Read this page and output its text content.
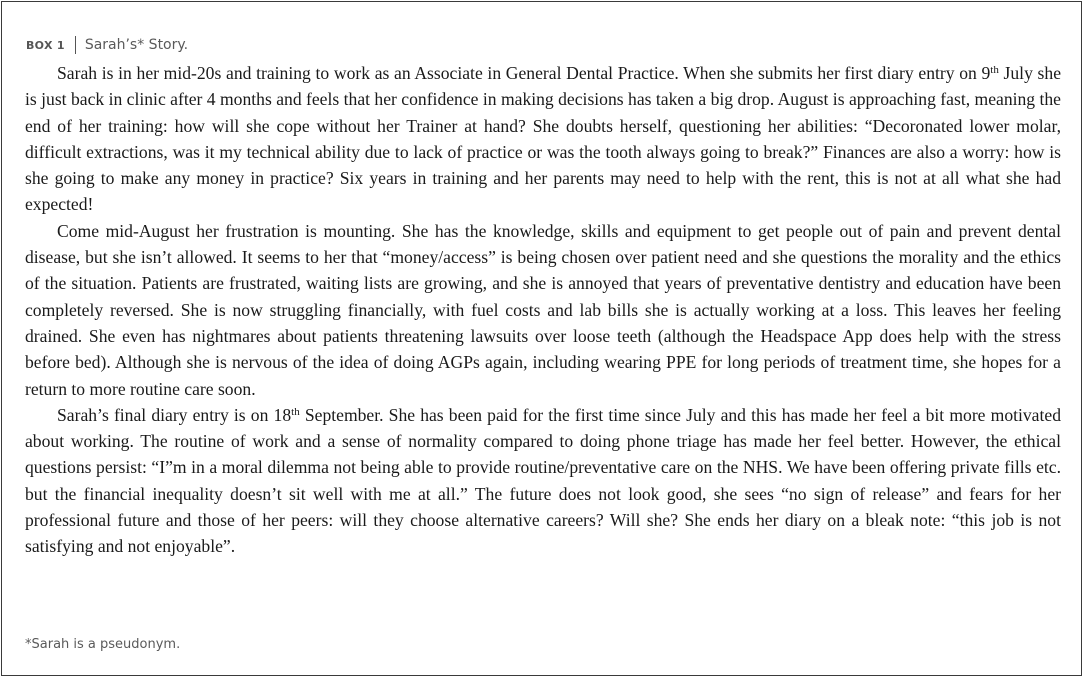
BOX 1 Sarah’s* Story.

Sarah is in her mid-20s and training to work as an Associate in General Dental Practice. When she submits her first diary entry on 9th July she is just back in clinic after 4 months and feels that her confidence in making decisions has taken a big drop. August is approaching fast, meaning the end of her training: how will she cope without her Trainer at hand? She doubts herself, questioning her abilities: “Decoronated lower molar, difficult extractions, was it my technical ability due to lack of practice or was the tooth always going to break?” Finances are also a worry: how is she going to make any money in practice? Six years in training and her parents may need to help with the rent, this is not at all what she had expected!

Come mid-August her frustration is mounting. She has the knowledge, skills and equipment to get people out of pain and prevent dental disease, but she isn’t allowed. It seems to her that “money/access” is being chosen over patient need and she questions the morality and the ethics of the situation. Patients are frustrated, waiting lists are growing, and she is annoyed that years of preventative dentistry and education have been completely reversed. She is now struggling financially, with fuel costs and lab bills she is actually working at a loss. This leaves her feeling drained. She even has nightmares about patients threatening lawsuits over loose teeth (although the Headspace App does help with the stress before bed). Although she is nervous of the idea of doing AGPs again, including wearing PPE for long periods of treatment time, she hopes for a return to more routine care soon.

Sarah’s final diary entry is on 18th September. She has been paid for the first time since July and this has made her feel a bit more motivated about working. The routine of work and a sense of normality compared to doing phone triage has made her feel better. However, the ethical questions persist: “I”m in a moral dilemma not being able to provide routine/preventative care on the NHS. We have been offering private fills etc. but the financial inequality doesn’t sit well with me at all.” The future does not look good, she sees “no sign of release” and fears for her professional future and those of her peers: will they choose alternative careers? Will she? She ends her diary on a bleak note: “this job is not satisfying and not enjoyable”.

*Sarah is a pseudonym.
